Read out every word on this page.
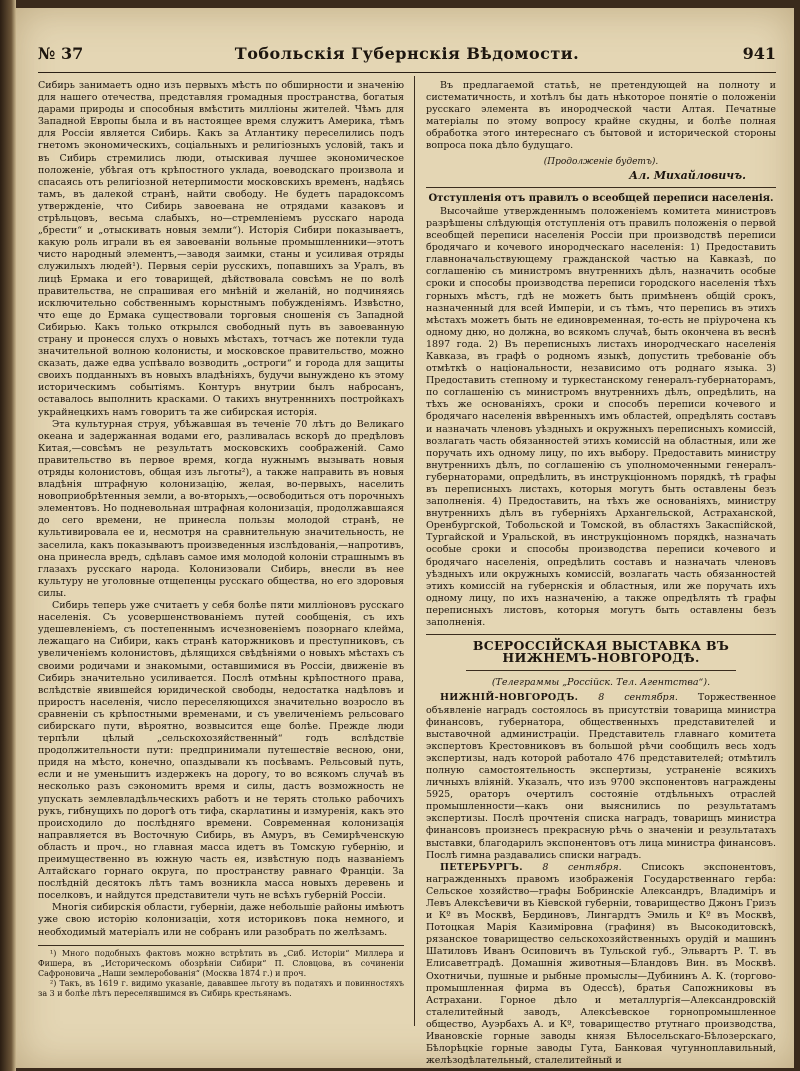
№ 37	Тобольскія Губернскія Вѣдомости.	941

Сибирь занимаетъ одно изъ первыхъ мѣстъ по обширности и значенію для нашего отечества, представляя громадныя пространства, богатыя дарами природы и способныя вмѣстить милліоны жителей. Чѣмъ для Западной Европы была и въ настоящее время служитъ Америка, тѣмъ для Россіи является Сибирь. Какъ за Атлантику переселились подъ гнетомъ экономическихъ, соціальныхъ и религіозныхъ условій, такъ и въ Сибирь стремились люди, отыскивая лучшее экономическое положеніе, убѣгая отъ крѣпостного уклада, воеводскаго произвола и спасаясь отъ религіозной нетерпимости московскихъ временъ, надѣясь тамъ, въ далекой странѣ, найти свободу. Не будетъ парадоксомъ утвержденіе, что Сибирь завоевана не отрядами казаковъ и стрѣльцовъ, весьма слабыхъ, но—стремленіемъ русскаго народа „брести“ и „отыскивать новыя земли“). Исторія Сибири показываетъ, какую роль играли въ ея завоеваніи вольные промышленники—этотъ чисто народный элементъ,—заводя заимки, станы и усиливая отряды служилыхъ людей¹). Первыя серіи русскихъ, попавшихъ за Уралъ, въ лицѣ Ермака и его товарищей, дѣйствовала совсѣмъ не по волѣ правительства, не спрашивая его мнѣній и желаній, но подчиняясь исключительно собственнымъ корыстнымъ побужденіямъ. Извѣстно, что еще до Ермака существовали торговыя сношенія съ Западной Сибирью. Какъ только открылся свободный путь въ завоеванную страну и пронесся слухъ о новыхъ мѣстахъ, тотчасъ же потекли туда значительной волною колонисты, и московское правительство, можно сказать, даже едва успѣвало возводить „остроги“ и города для защиты своихъ подданныхъ въ новыхъ владѣніяхъ, будучи вынуждено къ этому историческимъ событіямъ. Контуръ внутрии былъ набросанъ, оставалось выполнить красками. О такихъ внутренннихъ постройкахъ украйнецкихъ намъ говоритъ та же сибирская исторія.

Эта культурная струя, убѣжавшая въ теченіе 70 лѣтъ до Великаго океана и задержанная водами его, разливалась вскорѣ до предѣловъ Китая,—совсѣмъ не результатъ московскихъ соображеній. Само правительство въ первое время, когда нужнымъ вызывать новыя отряды колонистовъ, общая изъ льготы²), а также направить въ новыя владѣнія штрафную колонизацію, желая, во-первыхъ, населить новоприобрѣтенныя земли, а во-вторыхъ,—освободиться отъ порочныхъ элементовъ. Но подневольная штрафная колонизація, продолжавшаяся до сего времени, не принесла пользы молодой странѣ, не культивировала ее и, несмотря на сравнительную значительность, не заселила, какъ показываютъ произведенныя изслѣдованія,—напротивъ, она принесла вредъ, сдѣлавъ самое имя молодой колоніи страшнымъ въ глазахъ русскаго народа. Колонизовали Сибирь, внесли въ нее культуру не уголовные отщепенцы русскаго общества, но его здоровыя силы.

Сибирь теперь уже считаетъ у себя болѣе пяти милліоновъ русскаго населенія. Съ усовершенствованіемъ путей сообщенія, съ ихъ удешевленіемъ, съ постепеннымъ исчезновеніемъ позорнаго клейма, лежащаго на Сибири, какъ странѣ каторжниковъ и преступниковъ, съ увеличеніемъ колонистовъ, дѣлящихся свѣдѣніями о новыхъ мѣстахъ съ своими родичами и знакомыми, оставшимися въ Россіи, движеніе въ Сибирь значительно усиливается. Послѣ отмѣны крѣпостного права, вслѣдствіе явившейся юридической свободы, недостатка надѣловъ и приростъ населенія, число переселяющихся значительно возросло въ сравненіи съ крѣпостными временами, и съ увеличеніемъ рельсоваго сибирскаго пути, вѣроятно, возвысится еще болѣе. Прежде люди терпѣли цѣлый „сельскохозяйственный“ годъ вслѣдствіе продолжительности пути: предпринимали путешествіе весною, они, придя на мѣсто, конечно, опаздывали къ посѣвамъ. Рельсовый путь, если и не уменьшитъ издержекъ на дорогу, то во всякомъ случаѣ въ несколько разъ сэкономитъ время и силы, дастъ возможность не упускать землевладѣльческихъ работъ и не терять столько рабочихъ рукъ, гибнущихъ по дорогѣ отъ тифа, скарлатины и измуренія, какъ это происходило до послѣдняго времени. Современная колонизація направляется въ Восточную Сибирь, въ Амуръ, въ Семирѣченскую область и проч., но главная масса идетъ въ Томскую губернію, и преимущественно въ южную часть ея, извѣстную подъ названіемъ Алтайскаго горнаго округа, по пространству равнаго Франціи. За послѣдній десятокъ лѣтъ тамъ возникла масса новыхъ деревень и поселковъ, и найдутся представители чуть не всѣхъ губерній Россіи.

Многія сибирскія области, губерніи, даже небольшіе районы имѣютъ уже свою исторію колонизаціи, хотя историковъ пока немного, и необходимый матеріалъ или не собранъ или разобрать по желѣзамъ.

¹) Много подобныхъ фактовъ можно встрѣтить въ „Сиб. Исторіи“ Миллера и Фишера, въ „Историческомъ обозрѣніи Сибири“ П. Словцова, въ сочиненіи Сафроновича „Наши землеробованія“ (Москва 1874 г.) и проч.

²) Такъ, въ 1619 г. видимо указаніе, дававшее льготу въ податяхъ и повинностяхъ за 3 и болѣе лѣтъ переселявшимся въ Сибирь крестьянамъ.

Въ предлагаемой статьѣ, не претендующей на полноту и систематичность, и хотѣлъ бы дать нѣкоторое понятіе о положеніи русскаго элемента въ инородческой части Алтая. Печатные матеріалы по этому вопросу крайне скудны, и болѣе полная обработка этого интереснаго съ бытовой и исторической стороны вопроса пока дѣло будущаго.

(Продолженіе будетъ).

Ал. Михайловичъ.

Отступленія отъ правилъ о всеобщей переписи населенія.

Высочайше утвержденнымъ положеніемъ комитета министровъ разрѣшены слѣдующія отступленія отъ правилъ положенія о первой всеобщей переписи населенія Россіи при производствѣ переписи бродячаго и кочевого инородческаго населенія: 1) Предоставить главноначальствующему гражданской частью на Кавказѣ, по соглашенію съ министромъ внутреннихъ дѣлъ, назначить особые сроки и способы производства переписи городского населенія тѣхъ горныхъ мѣстъ, гдѣ не можетъ быть примѣненъ общій срокъ, назначенный для всей Имперіи, и съ тѣмъ, что перепись въ этихъ мѣстахъ можетъ быть не единовременная, то-есть не пріурочена къ одному дню, но должна, во всякомъ случаѣ, быть окончена въ веснѣ 1897 года. 2) Въ переписныхъ листахъ инородческаго населенія Кавказа, въ графѣ о родномъ языкѣ, допустить требованіе объ отмѣткѣ о національности, независимо отъ роднаго языка. 3) Предоставить степному и туркестанскому генералъ-губернаторамъ, по соглашенію съ министромъ внутреннихъ дѣлъ, опредѣлить, на тѣхъ же основаніяхъ, сроки и способъ переписи кочевого и бродячаго населенія ввѣренныхъ имъ областей, опредѣлять составъ и назначать членовъ уѣздныхъ и окружныхъ переписныхъ комиссій, возлагать часть обязанностей этихъ комиссій на областныя, или же поручать ихъ одному лицу, по ихъ выбору. Предоставить министру внутреннихъ дѣлъ, по соглашенію съ уполномоченными генералъ-губернаторами, опредѣлить, въ инструкціонномъ порядкѣ, тѣ графы въ переписныхъ листахъ, которыя могутъ быть оставлены безъ заполненія. 4) Предоставить, на тѣхъ же основаніяхъ, министру внутреннихъ дѣлъ въ губерніяхъ Архангельской, Астраханской, Оренбургской, Тобольской и Томской, въ областяхъ Закаспійской, Тургайской и Уральской, въ инструкціонномъ порядкѣ, назначать особые сроки и способы производства переписи кочевого и бродячаго населенія, опредѣлить составъ и назначать членовъ уѣздныхъ или окружныхъ комиссій, возлагать часть обязанностей этихъ комиссій на губернскія и областныя, или же поручать ихъ одному лицу, по ихъ назначенію, а также опредѣлять тѣ графы переписныхъ листовъ, которыя могутъ быть оставлены безъ заполненія.

ВСЕРОССІЙСКАЯ ВЫСТАВКА ВЪ НИЖНЕМЪ-НОВГОРОДѢ.

(Телеграммы „Россійск. Тел. Агентства“).

НИЖНІЙ-НОВГОРОДЪ. 8 сентября. Торжественное объявленіе наградъ состоялось въ присутствіи товарища министра финансовъ, губернатора, общественныхъ представителей и выставочной администраціи. Представитель главнаго комитета экспертовъ Крестовниковъ въ большой рѣчи сообщилъ весь ходъ экспертизы, надъ которой работало 476 представителей; отмѣтилъ полную самостоятельность экспертизы, устраненіе всякихъ личныхъ вліяній. Указалъ, что изъ 9700 экспонентовъ награждены 5925, ораторъ очертилъ состояніе отдѣльныхъ отраслей промышленности—какъ они выяснились по результатамъ экспертизы. Послѣ прочтенія списка наградъ, товарищъ министра финансовъ произнесъ прекрасную рѣчь о значеніи и результатахъ выставки, благодарилъ экспонентовъ отъ лица министра финансовъ. Послѣ гимна раздавались списки наградъ.

ПЕТЕРБУРГЪ. 8 сентября. Списокъ экспонентовъ, награжденныхъ правомъ изображенія Государственнаго герба: Сельское хозяйство—графы Бобринскіе Александръ, Владиміръ и Левъ Алексѣевичи въ Кіевской губерніи, товарищество Джонъ Гризъ и Кº въ Москвѣ, Бердиновъ, Лингардтъ Эмиль и Кº въ Москвѣ, Потоцкая Марія Казиміровна (графиня) въ Высокодитовскѣ, рязанское товарищество сельскохозяйственныхъ орудій и машинъ Шатиловъ Иванъ Осиповичъ въ Тульской губ., Эльвартъ Р. Т. въ Елисаветградѣ. Домашнія животныя—Бландовъ Вин. въ Москвѣ. Охотничьи, пушные и рыбные промыслы—Дубининъ А. К. (торгово-промышленная фирма въ Одессѣ), братья Сапожниковы въ Астрахани. Горное дѣло и металлургія—Александровскій сталелитейный заводъ, Алексѣевское горнопромышленное общество, Ауэрбахъ А. и Кº, товарищество ртутнаго производства, Ивановскіе горные заводы князя Бѣлосельскаго-Бѣлозерскаго, Бѣлорѣцкіе горные заводы Гута, Банковая чугунноплавильный, желѣзодѣлательный, сталелитейный и
